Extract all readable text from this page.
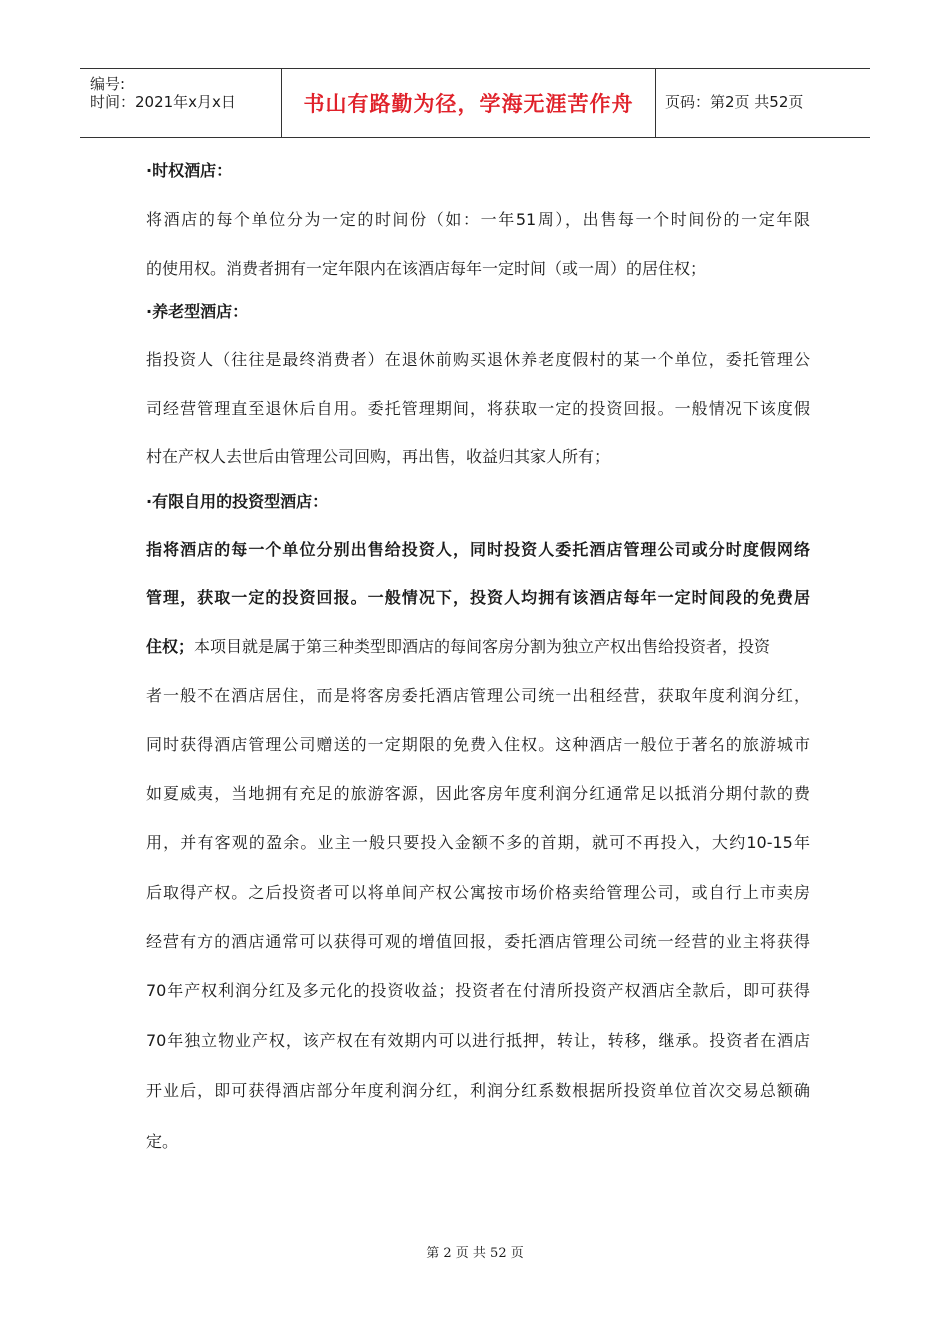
编号:
时间：2021年x月x日	书山有路勤为径，学海无涯苦作舟	页码：第2页 共52页
·时权酒店：
将酒店的每个单位分为一定的时间份（如：一年51周），出售每一个时间份的一定年限
的使用权。消费者拥有一定年限内在该酒店每年一定时间（或一周）的居住权；
·养老型酒店：
指投资人（往往是最终消费者）在退休前购买退休养老度假村的某一个单位，委托管理公
司经营管理直至退休后自用。委托管理期间，将获取一定的投资回报。一般情况下该度假
村在产权人去世后由管理公司回购，再出售，收益归其家人所有；
·有限自用的投资型酒店：
指将酒店的每一个单位分别出售给投资人，同时投资人委托酒店管理公司或分时度假网络
管理，获取一定的投资回报。一般情况下，投资人均拥有该酒店每年一定时间段的免费居
住权；本项目就是属于第三种类型即酒店的每间客房分割为独立产权出售给投资者，投资
者一般不在酒店居住，而是将客房委托酒店管理公司统一出租经营，获取年度利润分红，
同时获得酒店管理公司赠送的一定期限的免费入住权。这种酒店一般位于著名的旅游城市
如夏威夷，当地拥有充足的旅游客源，因此客房年度利润分红通常足以抵消分期付款的费
用，并有客观的盈余。业主一般只要投入金额不多的首期，就可不再投入，大约10-15年
后取得产权。之后投资者可以将单间产权公寓按市场价格卖给管理公司，或自行上市卖房
经营有方的酒店通常可以获得可观的增值回报，委托酒店管理公司统一经营的业主将获得
70年产权利润分红及多元化的投资收益；投资者在付清所投资产权酒店全款后，即可获得
70年独立物业产权，该产权在有效期内可以进行抵押，转让，转移，继承。投资者在酒店
开业后，即可获得酒店部分年度利润分红，利润分红系数根据所投资单位首次交易总额确
定。
第 2 页 共 52 页
